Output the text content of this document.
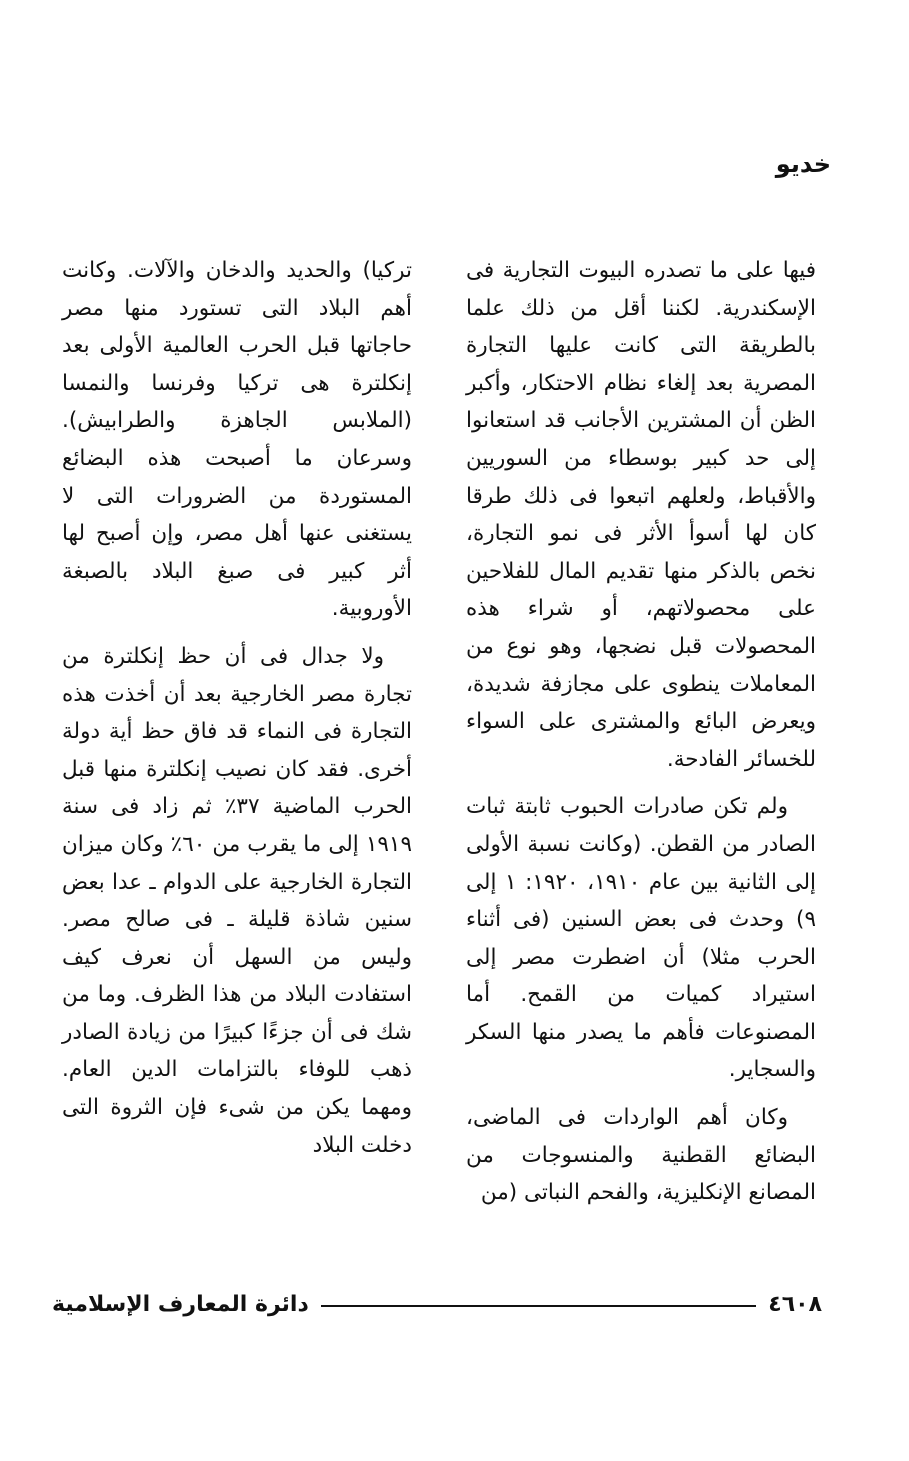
خديو

فيها على ما تصدره البيوت التجارية فى الإسكندرية. لكننا أقل من ذلك علما بالطريقة التى كانت عليها التجارة المصرية بعد إلغاء نظام الاحتكار، وأكبر الظن أن المشترين الأجانب قد استعانوا إلى حد كبير بوسطاء من السوريين والأقباط، ولعلهم اتبعوا فى ذلك طرقا كان لها أسوأ الأثر فى نمو التجارة، نخص بالذكر منها تقديم المال للفلاحين على محصولاتهم، أو شراء هذه المحصولات قبل نضجها، وهو نوع من المعاملات ينطوى على مجازفة شديدة، ويعرض البائع والمشترى على السواء للخسائر الفادحة.

ولم تكن صادرات الحبوب ثابتة ثبات الصادر من القطن. (وكانت نسبة الأولى إلى الثانية بين عام ١٩١٠، ١٩٢٠: ١ إلى ٩) وحدث فى بعض السنين (فى أثناء الحرب مثلا) أن اضطرت مصر إلى استيراد كميات من القمح. أما المصنوعات فأهم ما يصدر منها السكر والسجاير.

وكان أهم الواردات فى الماضى، البضائع القطنية والمنسوجات من المصانع الإنكليزية، والفحم النباتى (من

تركيا) والحديد والدخان والآلات. وكانت أهم البلاد التى تستورد منها مصر حاجاتها قبل الحرب العالمية الأولى بعد إنكلترة هى تركيا وفرنسا والنمسا (الملابس الجاهزة والطرابيش). وسرعان ما أصبحت هذه البضائع المستوردة من الضرورات التى لا يستغنى عنها أهل مصر، وإن أصبح لها أثر كبير فى صبغ البلاد بالصبغة الأوروبية.

ولا جدال فى أن حظ إنكلترة من تجارة مصر الخارجية بعد أن أخذت هذه التجارة فى النماء قد فاق حظ أية دولة أخرى. فقد كان نصيب إنكلترة منها قبل الحرب الماضية ٣٧٪ ثم زاد فى سنة ١٩١٩ إلى ما يقرب من ٦٠٪ وكان ميزان التجارة الخارجية على الدوام ـ عدا بعض سنين شاذة قليلة ـ فى صالح مصر. وليس من السهل أن نعرف كيف استفادت البلاد من هذا الظرف. وما من شك فى أن جزءًا كبيرًا من زيادة الصادر ذهب للوفاء بالتزامات الدين العام. ومهما يكن من شىء فإن الثروة التى دخلت البلاد

٤٦٠٨
دائرة المعارف الإسلامية
